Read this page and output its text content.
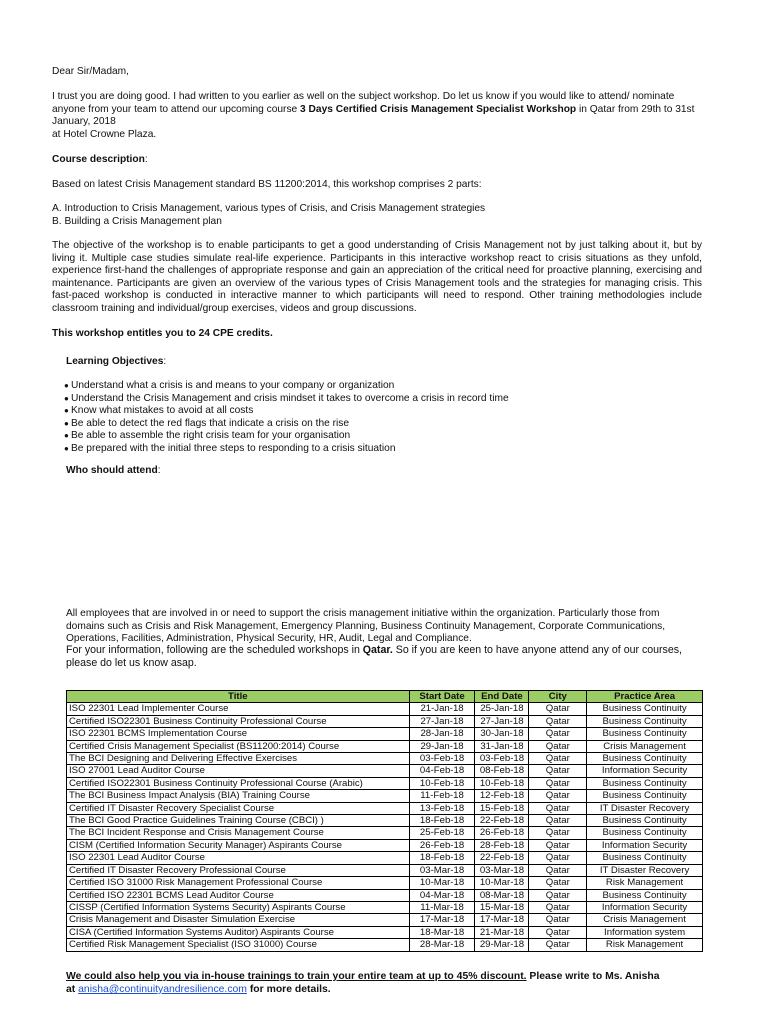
Dear Sir/Madam,
I trust you are doing good. I had written to you earlier as well on the subject workshop. Do let us know if you would like to attend/ nominate anyone from your team to attend our upcoming course 3 Days Certified Crisis Management Specialist Workshop in Qatar from 29th to 31st January, 2018
at Hotel Crowne Plaza.
Course description:
Based on latest Crisis Management standard BS 11200:2014, this workshop comprises 2 parts:
A. Introduction to Crisis Management, various types of Crisis, and Crisis Management strategies
B. Building a Crisis Management plan
The objective of the workshop is to enable participants to get a good understanding of Crisis Management not by just talking about it, but by living it. Multiple case studies simulate real-life experience. Participants in this interactive workshop react to crisis situations as they unfold, experience first-hand the challenges of appropriate response and gain an appreciation of the critical need for proactive planning, exercising and maintenance. Participants are given an overview of the various types of Crisis Management tools and the strategies for managing crisis. This fast-paced workshop is conducted in interactive manner to which participants will need to respond. Other training methodologies include classroom training and individual/group exercises, videos and group discussions.
This workshop entitles you to 24 CPE credits.
Learning Objectives:
● Understand what a crisis is and means to your company or organization
● Understand the Crisis Management and crisis mindset it takes to overcome a crisis in record time
● Know what mistakes to avoid at all costs
● Be able to detect the red flags that indicate a crisis on the rise
● Be able to assemble the right crisis team for your organisation
● Be prepared with the initial three steps to responding to a crisis situation
Who should attend:
All employees that are involved in or need to support the crisis management initiative within the organization. Particularly those from domains such as Crisis and Risk Management, Emergency Planning, Business Continuity Management, Corporate Communications, Operations, Facilities, Administration, Physical Security, HR, Audit, Legal and Compliance.
For your information, following are the scheduled workshops in Qatar. So if you are keen to have anyone attend any of our courses, please do let us know asap.
Title	Start Date	End Date	City	Practice Area
ISO 22301 Lead Implementer Course	21-Jan-18	25-Jan-18	Qatar	Business Continuity
Certified ISO22301 Business Continuity Professional Course	27-Jan-18	27-Jan-18	Qatar	Business Continuity
ISO 22301 BCMS Implementation Course	28-Jan-18	30-Jan-18	Qatar	Business Continuity
Certified Crisis Management Specialist (BS11200:2014) Course	29-Jan-18	31-Jan-18	Qatar	Crisis Management
The BCI Designing and Delivering Effective Exercises	03-Feb-18	03-Feb-18	Qatar	Business Continuity
ISO 27001 Lead Auditor Course	04-Feb-18	08-Feb-18	Qatar	Information Security
Certified ISO22301 Business Continuity Professional Course (Arabic)	10-Feb-18	10-Feb-18	Qatar	Business Continuity
The BCI Business Impact Analysis (BIA) Training Course	11-Feb-18	12-Feb-18	Qatar	Business Continuity
Certified IT Disaster Recovery Specialist Course	13-Feb-18	15-Feb-18	Qatar	IT Disaster Recovery
The BCI Good Practice Guidelines Training Course (CBCI) )	18-Feb-18	22-Feb-18	Qatar	Business Continuity
The BCI Incident Response and Crisis Management Course	25-Feb-18	26-Feb-18	Qatar	Business Continuity
CISM (Certified Information Security Manager) Aspirants Course	26-Feb-18	28-Feb-18	Qatar	Information Security
ISO 22301 Lead Auditor Course	18-Feb-18	22-Feb-18	Qatar	Business Continuity
Certified IT Disaster Recovery Professional Course	03-Mar-18	03-Mar-18	Qatar	IT Disaster Recovery
Certified ISO 31000 Risk Management Professional Course	10-Mar-18	10-Mar-18	Qatar	Risk Management
Certified ISO 22301 BCMS Lead Auditor Course	04-Mar-18	08-Mar-18	Qatar	Business Continuity
CISSP (Certified Information Systems Security) Aspirants Course	11-Mar-18	15-Mar-18	Qatar	Information Security
Crisis Management and Disaster Simulation Exercise	17-Mar-18	17-Mar-18	Qatar	Crisis Management
CISA (Certified Information Systems Auditor) Aspirants Course	18-Mar-18	21-Mar-18	Qatar	Information system
Certified Risk Management Specialist (ISO 31000) Course	28-Mar-18	29-Mar-18	Qatar	Risk Management
We could also help you via in-house trainings to train your entire team at up to 45% discount. Please write to Ms. Anisha
at anisha@continuityandresilience.com for more details.
